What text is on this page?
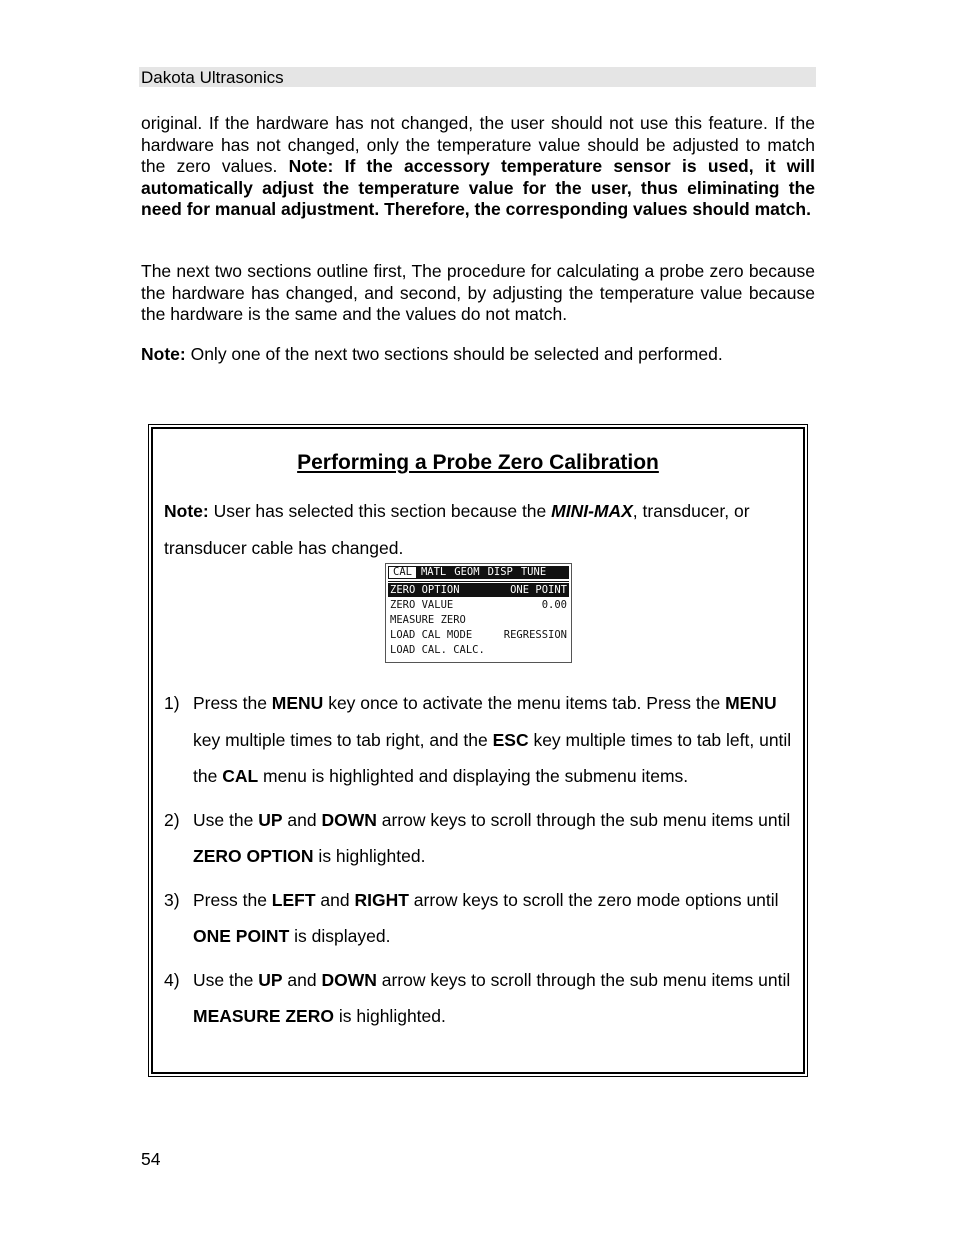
Dakota Ultrasonics

original. If the hardware has not changed, the user should not use this feature. If the hardware has not changed, only the temperature value should be adjusted to match the zero values. Note: If the accessory temperature sensor is used, it will automatically adjust the temperature value for the user, thus eliminating the need for manual adjustment. Therefore, the corresponding values should match.

The next two sections outline first, The procedure for calculating a probe zero because the hardware has changed, and second, by adjusting the temperature value because the hardware is the same and the values do not match.

Note: Only one of the next two sections should be selected and performed.

Performing a Probe Zero Calibration

Note: User has selected this section because the MINI-MAX, transducer, or transducer cable has changed.

CAL MATL GEOM DISP TUNE
ZERO OPTION	ONE POINT
ZERO VALUE	0.00
MEASURE ZERO
LOAD CAL MODE	REGRESSION
LOAD CAL. CALC.
1) Press the MENU key once to activate the menu items tab. Press the MENU key multiple times to tab right, and the ESC key multiple times to tab left, until the CAL menu is highlighted and displaying the submenu items.
2) Use the UP and DOWN arrow keys to scroll through the sub menu items until ZERO OPTION is highlighted.
3) Press the LEFT and RIGHT arrow keys to scroll the zero mode options until ONE POINT is displayed.
4) Use the UP and DOWN arrow keys to scroll through the sub menu items until MEASURE ZERO is highlighted.
54
